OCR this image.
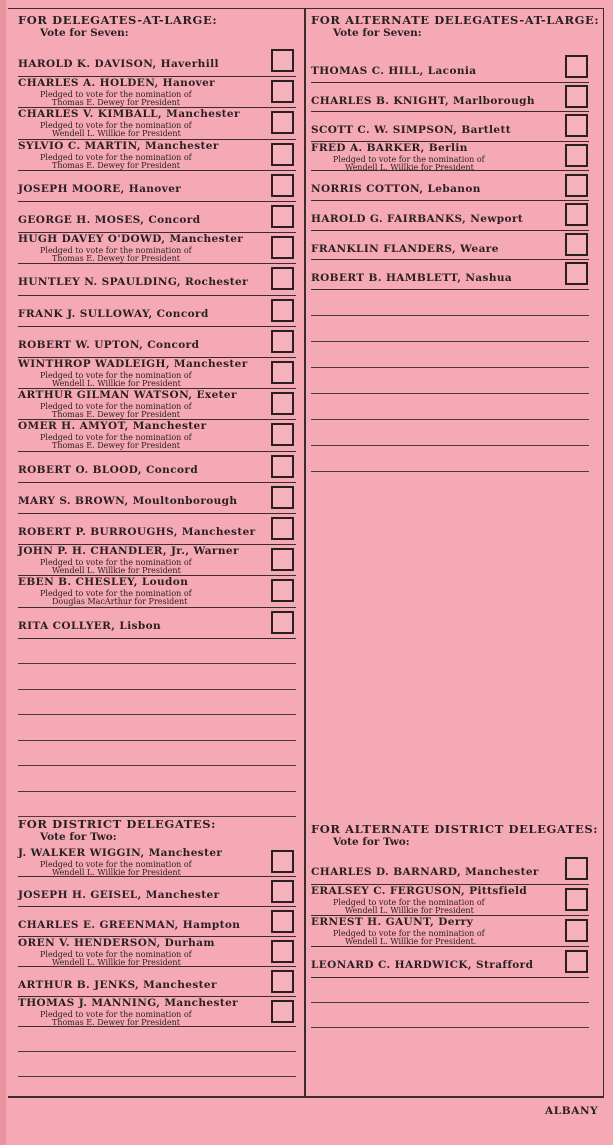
FOR DELEGATES-AT-LARGE:
Vote for Seven:
FOR ALTERNATE DELEGATES-AT-LARGE:
Vote for Seven:
FOR DISTRICT DELEGATES:
Vote for Two:
FOR ALTERNATE DISTRICT DELEGATES:
Vote for Two:
HAROLD K. DAVISON, Haverhill
CHARLES A. HOLDEN, Hanover
Pledged to vote for the nomination of
Thomas E. Dewey for President
CHARLES V. KIMBALL, Manchester
Pledged to vote for the nomination of
Wendell L. Willkie for President
SYLVIO C. MARTIN, Manchester
Pledged to vote for the nomination of
Thomas E. Dewey for President
JOSEPH MOORE, Hanover
GEORGE H. MOSES, Concord
HUGH DAVEY O'DOWD, Manchester
Pledged to vote for the nomination of
Thomas E. Dewey for President
HUNTLEY N. SPAULDING, Rochester
FRANK J. SULLOWAY, Concord
ROBERT W. UPTON, Concord
WINTHROP WADLEIGH, Manchester
Pledged to vote for the nomination of
Wendell L. Willkie for President
ARTHUR GILMAN WATSON, Exeter
Pledged to vote for the nomination of
Thomas E. Dewey for President
OMER H. AMYOT, Manchester
Pledged to vote for the nomination of
Thomas E. Dewey for President
ROBERT O. BLOOD, Concord
MARY S. BROWN, Moultonborough
ROBERT P. BURROUGHS, Manchester
JOHN P. H. CHANDLER, Jr., Warner
Pledged to vote for the nomination of
Wendell L. Willkie for President
EBEN B. CHESLEY, Loudon
Pledged to vote for the nomination of
Douglas MacArthur for President
RITA COLLYER, Lisbon
THOMAS C. HILL, Laconia
CHARLES B. KNIGHT, Marlborough
SCOTT C. W. SIMPSON, Bartlett
FRED A. BARKER, Berlin
Pledged to vote for the nomination of
Wendell L. Willkie for President
NORRIS COTTON, Lebanon
HAROLD G. FAIRBANKS, Newport
FRANKLIN FLANDERS, Weare
ROBERT B. HAMBLETT, Nashua
J. WALKER WIGGIN, Manchester
Pledged to vote for the nomination of
Wendell L. Willkie for President
JOSEPH H. GEISEL, Manchester
CHARLES E. GREENMAN, Hampton
OREN V. HENDERSON, Durham
Pledged to vote for the nomination of
Wendell L. Willkie for President
ARTHUR B. JENKS, Manchester
THOMAS J. MANNING, Manchester
Pledged to vote for the nomination of
Thomas E. Dewey for President
CHARLES D. BARNARD, Manchester
ERALSEY C. FERGUSON, Pittsfield
Pledged to vote for the nomination of
Wendell L. Willkie for President
ERNEST H. GAUNT, Derry
Pledged to vote for the nomination of
Wendell L. Willkie for President.
LEONARD C. HARDWICK, Strafford
ALBANY
